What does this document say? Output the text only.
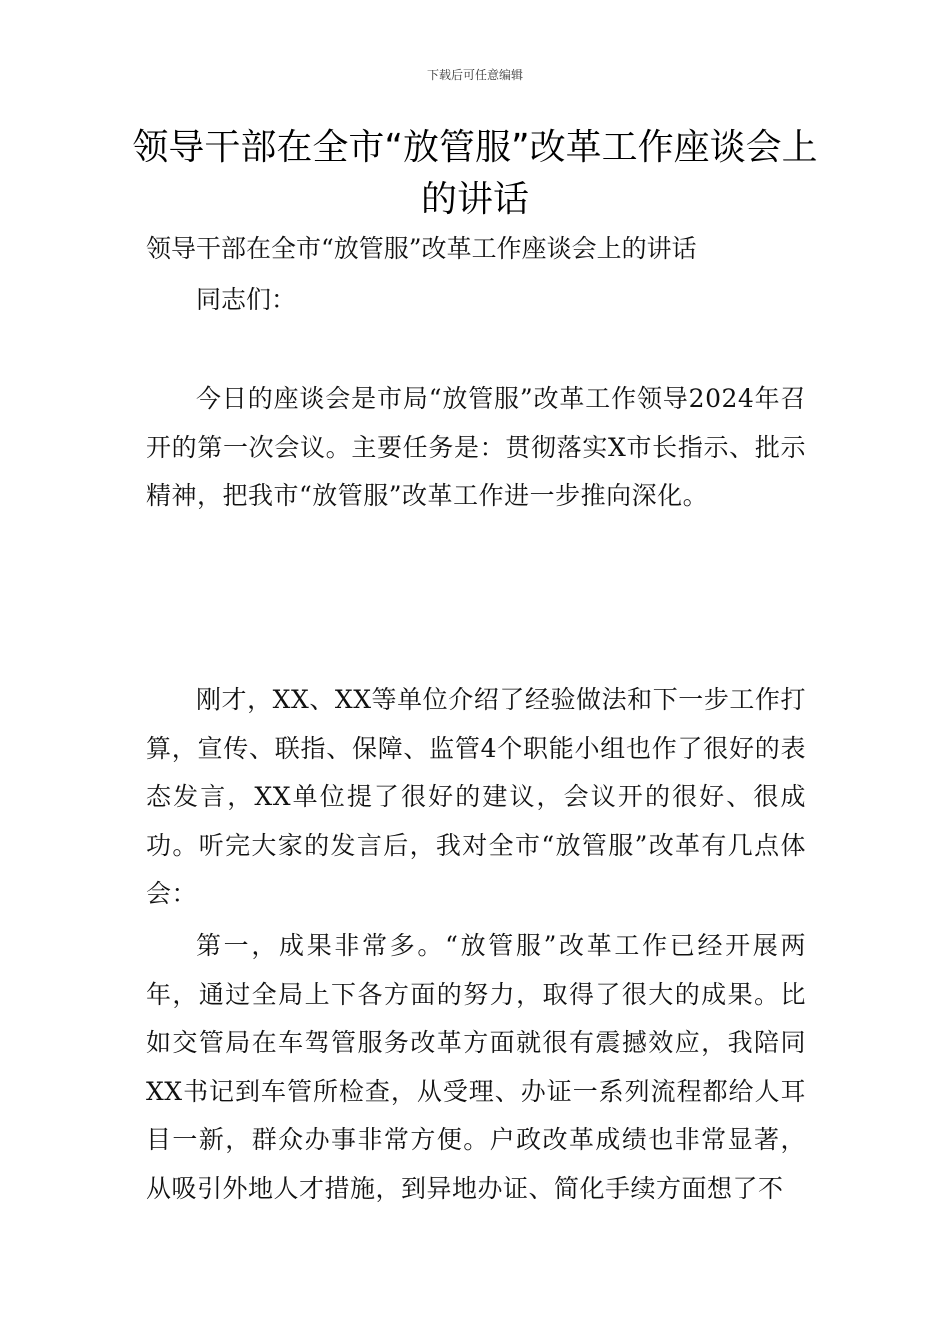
下载后可任意编辑
领导干部在全市“放管服”改革工作座谈会上的讲话
领导干部在全市“放管服”改革工作座谈会上的讲话
同志们：

今日的座谈会是市局“放管服”改革工作领导2024年召开的第一次会议。主要任务是：贯彻落实X市长指示、批示精神，把我市“放管服”改革工作进一步推向深化。

刚才，XX、XX等单位介绍了经验做法和下一步工作打算，宣传、联指、保障、监管4个职能小组也作了很好的表态发言，XX单位提了很好的建议，会议开的很好、很成功。听完大家的发言后，我对全市“放管服”改革有几点体会：

第一，成果非常多。“放管服”改革工作已经开展两年，通过全局上下各方面的努力，取得了很大的成果。比如交管局在车驾管服务改革方面就很有震撼效应，我陪同XX书记到车管所检查，从受理、办证一系列流程都给人耳目一新，群众办事非常方便。户政改革成绩也非常显著，从吸引外地人才措施，到异地办证、简化手续方面想了不
